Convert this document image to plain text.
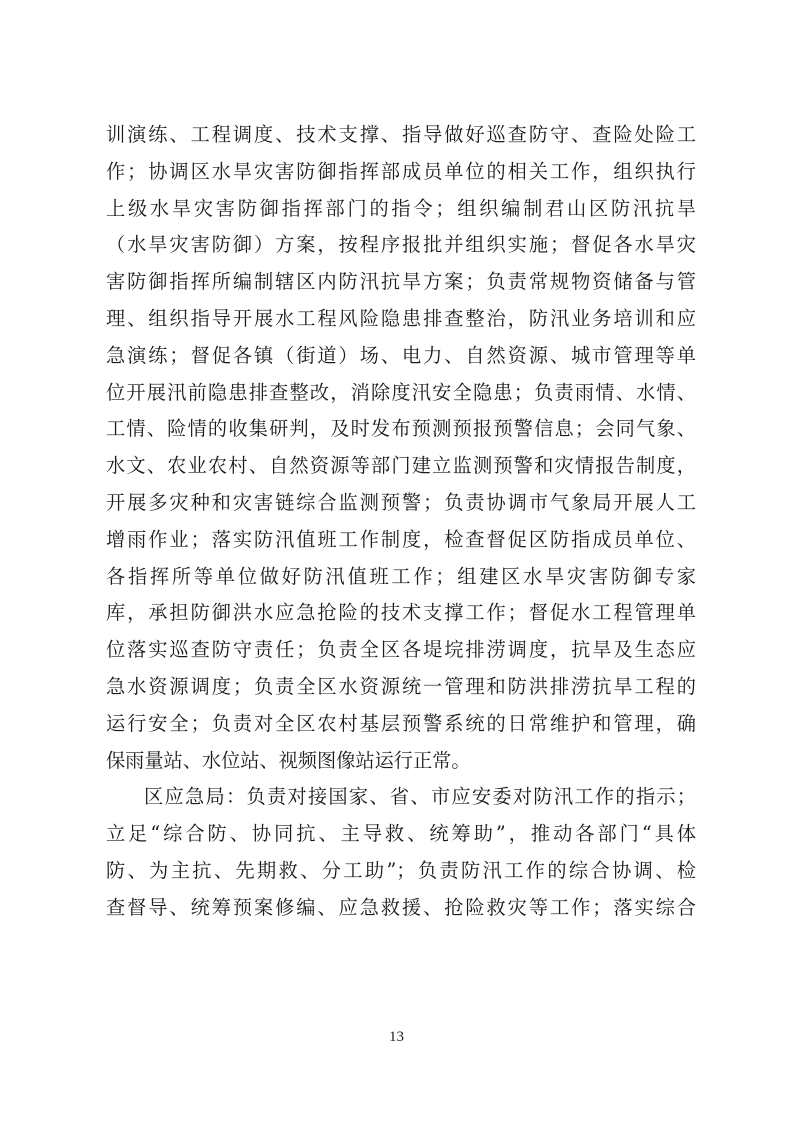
训演练、工程调度、技术支撑、指导做好巡查防守、查险处险工
作；协调区水旱灾害防御指挥部成员单位的相关工作，组织执行
上级水旱灾害防御指挥部门的指令；组织编制君山区防汛抗旱
（水旱灾害防御）方案，按程序报批并组织实施；督促各水旱灾
害防御指挥所编制辖区内防汛抗旱方案；负责常规物资储备与管
理、组织指导开展水工程风险隐患排查整治，防汛业务培训和应
急演练；督促各镇（街道）场、电力、自然资源、城市管理等单
位开展汛前隐患排查整改，消除度汛安全隐患；负责雨情、水情、
工情、险情的收集研判，及时发布预测预报预警信息；会同气象、
水文、农业农村、自然资源等部门建立监测预警和灾情报告制度，
开展多灾种和灾害链综合监测预警；负责协调市气象局开展人工
增雨作业；落实防汛值班工作制度，检查督促区防指成员单位、
各指挥所等单位做好防汛值班工作；组建区水旱灾害防御专家
库，承担防御洪水应急抢险的技术支撑工作；督促水工程管理单
位落实巡查防守责任；负责全区各堤垸排涝调度，抗旱及生态应
急水资源调度；负责全区水资源统一管理和防洪排涝抗旱工程的
运行安全；负责对全区农村基层预警系统的日常维护和管理，确
保雨量站、水位站、视频图像站运行正常。
区应急局：负责对接国家、省、市应安委对防汛工作的指示；
立足“综合防、协同抗、主导救、统筹助”，推动各部门“具体
防、为主抗、先期救、分工助”；负责防汛工作的综合协调、检
查督导、统筹预案修编、应急救援、抢险救灾等工作；落实综合
13
